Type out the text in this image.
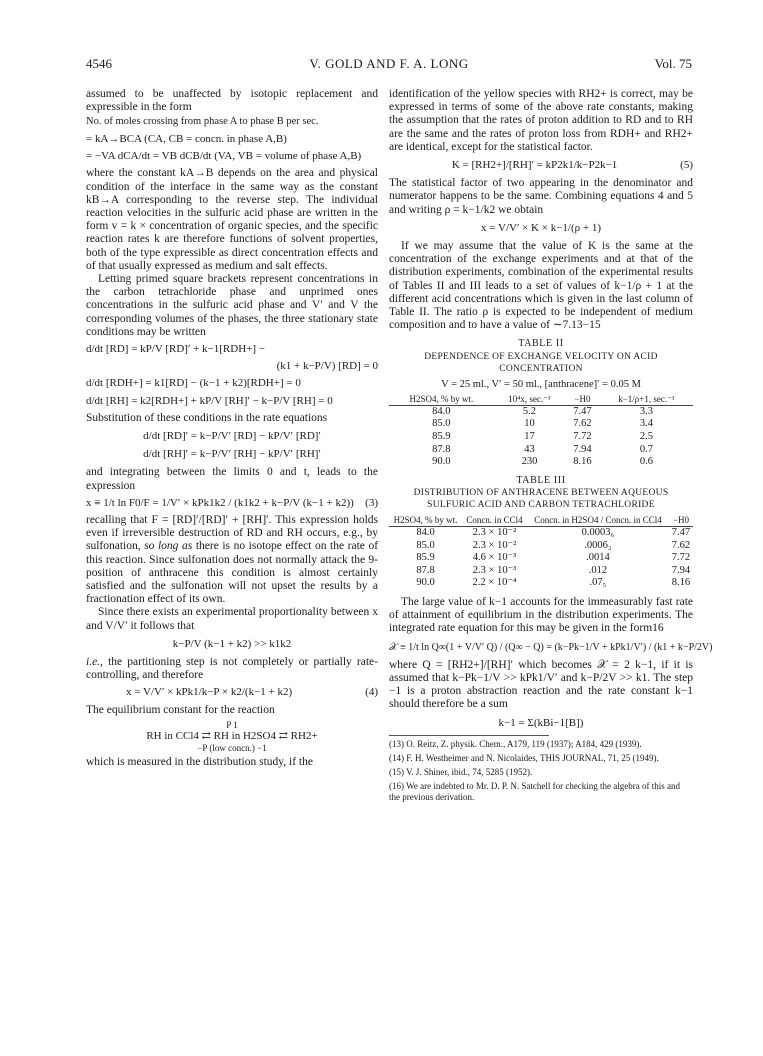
4546	V. GOLD AND F. A. LONG	Vol. 75

assumed to be unaffected by isotopic replacement and expressible in the form

No. of moles crossing from phase A to phase B per sec.

= kA→BCA (CA, CB = concn. in phase A,B)
= −VA dCA/dt = VB dCB/dt (VA, VB = volume of phase A,B)

where the constant kA→B depends on the area and physical condition of the interface in the same way as the constant kB→A corresponding to the reverse step. The individual reaction velocities in the sulfuric acid phase are written in the form v = k × concentration of organic species, and the specific reaction rates k are therefore functions of solvent properties, both of the type expressible as direct concentration effects and of that usually expressed as medium and salt effects.

Letting primed square brackets represent concentrations in the carbon tetrachloride phase and unprimed ones concentrations in the sulfuric acid phase and V′ and V the corresponding volumes of the phases, the three stationary state conditions may be written

d/dt [RD] = kP/V [RD]′ + k−1[RDH+] −
(k1 + k−P/V) [RD] = 0
d/dt [RDH+] = k1[RD] − (k−1 + k2)[RDH+] = 0
d/dt [RH] = k2[RDH+] + kP/V [RH]′ − k−P/V [RH] = 0

Substitution of these conditions in the rate equations

d/dt [RD]′ = k−P/V′ [RD] − kP/V′ [RD]′
d/dt [RH]′ = k−P/V′ [RH] − kP/V′ [RH]′

and integrating between the limits 0 and t, leads to the expression

x ≡ 1/t ln F0/F = 1/V′ × kPk1k2 / (k1k2 + k−P/V (k−1 + k2)) (3)

recalling that F = [RD]′/[RD]′ + [RH]′. This expression holds even if irreversible destruction of RD and RH occurs, e.g., by sulfonation, so long as there is no isotope effect on the rate of this reaction. Since sulfonation does not normally attack the 9-position of anthracene this condition is almost certainly satisfied and the sulfonation will not upset the results by a fractionation effect of its own.

Since there exists an experimental proportionality between x and V/V′ it follows that

k−P/V (k−1 + k2) >> k1k2

i.e., the partitioning step is not completely or partially rate-controlling, and therefore

x = V/V′ × kPk1/k−P × k2/(k−1 + k2)	(4)

The equilibrium constant for the reaction

P 1
RH in CCl4 ⇄ RH in H2SO4 ⇄ RH2+
−P (low concn.) −1

which is measured in the distribution study, if the

identification of the yellow species with RH2+ is correct, may be expressed in terms of some of the above rate constants, making the assumption that the rates of proton addition to RD and to RH are the same and the rates of proton loss from RDH+ and RH2+ are identical, except for the statistical factor.

K = [RH2+]/[RH]′ = kP2k1/k−P2k−1	(5)

The statistical factor of two appearing in the denominator and numerator happens to be the same. Combining equations 4 and 5 and writing ρ = k−1/k2 we obtain

x = V/V′ × K × k−1/(ρ + 1)

If we may assume that the value of K is the same at the concentration of the exchange experiments and at that of the distribution experiments, combination of the experimental results of Tables II and III leads to a set of values of k−1/ρ + 1 at the different acid concentrations which is given in the last column of Table II. The ratio ρ is expected to be independent of medium composition and to have a value of ∼7.13−15

TABLE II
DEPENDENCE OF EXCHANGE VELOCITY ON ACID CONCENTRATION
V = 25 ml., V′ = 50 ml., [anthracene]′ = 0.05 M
H2SO4, % by wt.	10⁴x, sec.⁻¹	−H0	k−1/ρ+1, sec.⁻¹
84.0	5.2	7.47	3.3
85.0	10	7.62	3.4
85.9	17	7.72	2.5
87.8	43	7.94	0.7
90.0	230	8.16	0.6
TABLE III
DISTRIBUTION OF ANTHRACENE BETWEEN AQUEOUS SULFURIC ACID AND CARBON TETRACHLORIDE
H2SO4, % by wt.	Concn. in CCl4	Concn. in H2SO4 / Concn. in CCl4	−H0
84.0	2.3 × 10⁻²	0.0003₆	7.47
85.0	2.3 × 10⁻²	.0006₂	7.62
85.9	4.6 × 10⁻³	.0014	7.72
87.8	2.3 × 10⁻³	.012	7.94
90.0	2.2 × 10⁻⁴	.07₅	8.16

The large value of k−1 accounts for the immeasurably fast rate of attainment of equilibrium in the distribution experiments. The integrated rate equation for this may be given in the form16

𝒳 ≡ 1/t ln Q∞(1 + V/V′ Q) / (Q∞ − Q) = (k−Pk−1/V + kPk1/V′) / (k1 + k−P/2V)

where Q = [RH2+]/[RH]′ which becomes 𝒳 = 2 k−1, if it is assumed that k−Pk−1/V >> kPk1/V′ and k−P/2V >> k1. The step −1 is a proton abstraction reaction and the rate constant k−1 should therefore be a sum

k−1 = Σ(kBi−1[B])
(13) O. Reitz, Z. physik. Chem., A179, 119 (1937); A184, 429 (1939).
(14) F. H. Westheimer and N. Nicolaides, THIS JOURNAL, 71, 25 (1949).
(15) V. J. Shiner, ibid., 74, 5285 (1952).
(16) We are indebted to Mr. D. P. N. Satchell for checking the algebra of this and the previous derivation.
